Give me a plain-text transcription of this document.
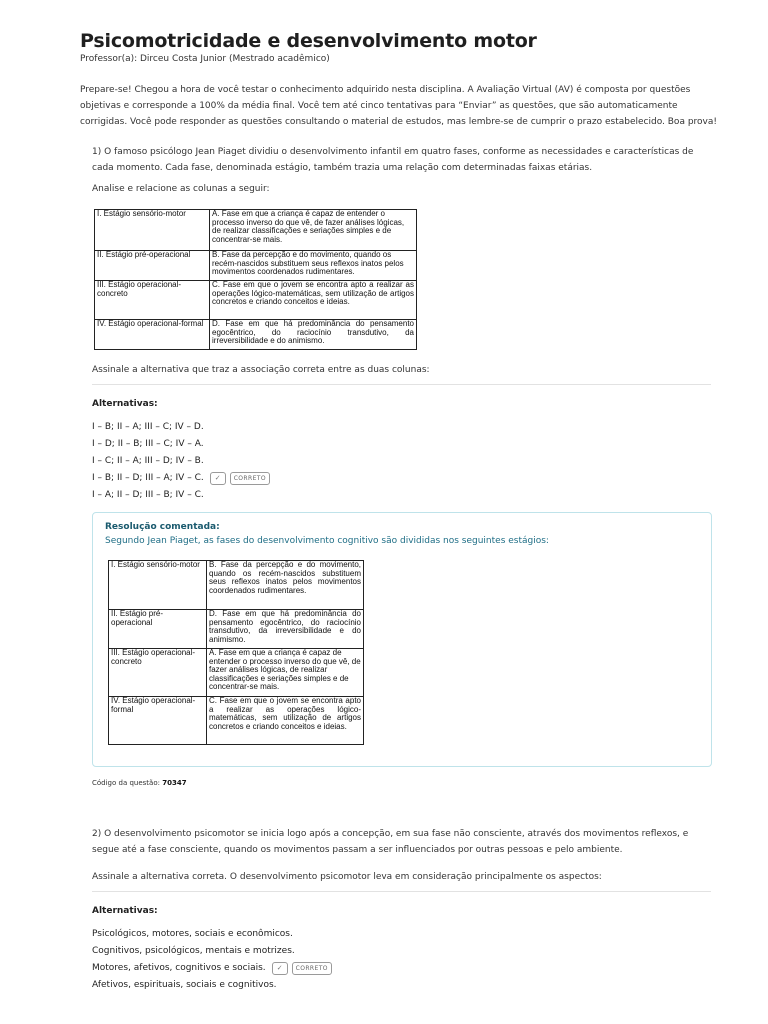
Psicomotricidade e desenvolvimento motor
Professor(a): Dirceu Costa Junior (Mestrado acadêmico)
Prepare-se! Chegou a hora de você testar o conhecimento adquirido nesta disciplina. A Avaliação Virtual (AV) é composta por questões objetivas e corresponde a 100% da média final. Você tem até cinco tentativas para “Enviar” as questões, que são automaticamente corrigidas. Você pode responder as questões consultando o material de estudos, mas lembre-se de cumprir o prazo estabelecido. Boa prova!
1) O famoso psicólogo Jean Piaget dividiu o desenvolvimento infantil em quatro fases, conforme as necessidades e características de cada momento. Cada fase, denominada estágio, também trazia uma relação com determinadas faixas etárias.
Analise e relacione as colunas a seguir:
I. Estágio sensório-motor	A. Fase em que a criança é capaz de entender o processo inverso do que vê, de fazer análises lógicas, de realizar classificações e seriações simples e de concentrar-se mais.
II. Estágio pré-operacional	B. Fase da percepção e do movimento, quando os recém-nascidos substituem seus reflexos inatos pelos movimentos coordenados rudimentares.
III. Estágio operacional-concreto	C. Fase em que o jovem se encontra apto a realizar as operações lógico-matemáticas, sem utilização de artigos concretos e criando conceitos e ideias.
IV. Estágio operacional-formal	D. Fase em que há predominância do pensamento egocêntrico, do raciocínio transdutivo, da irreversibilidade e do animismo.
Assinale a alternativa que traz a associação correta entre as duas colunas:
Alternativas:
I – B; II – A; III – C; IV – D.
I – D; II – B; III – C; IV – A.
I – C; II – A; III – D; IV – B.
I – B; II – D; III – A; IV – C.	✓	CORRETO
I – A; II – D; III – B; IV – C.
Resolução comentada:
Segundo Jean Piaget, as fases do desenvolvimento cognitivo são divididas nos seguintes estágios:
I. Estágio sensório-motor	B. Fase da percepção e do movimento, quando os recém-nascidos substituem seus reflexos inatos pelos movimentos coordenados rudimentares.
II. Estágio pré-operacional	D. Fase em que há predominância do pensamento egocêntrico, do raciocínio transdutivo, da irreversibilidade e do animismo.
III. Estágio operacional-concreto	A. Fase em que a criança é capaz de entender o processo inverso do que vê, de fazer análises lógicas, de realizar classificações e seriações simples e de concentrar-se mais.
IV. Estágio operacional-formal	C. Fase em que o jovem se encontra apto a realizar as operações lógico-matemáticas, sem utilização de artigos concretos e criando conceitos e ideias.
Código da questão: 70347
2) O desenvolvimento psicomotor se inicia logo após a concepção, em sua fase não consciente, através dos movimentos reflexos, e segue até a fase consciente, quando os movimentos passam a ser influenciados por outras pessoas e pelo ambiente.
Assinale a alternativa correta. O desenvolvimento psicomotor leva em consideração principalmente os aspectos:
Alternativas:
Psicológicos, motores, sociais e econômicos.
Cognitivos, psicológicos, mentais e motrizes.
Motores, afetivos, cognitivos e sociais.	✓	CORRETO
Afetivos, espirituais, sociais e cognitivos.
